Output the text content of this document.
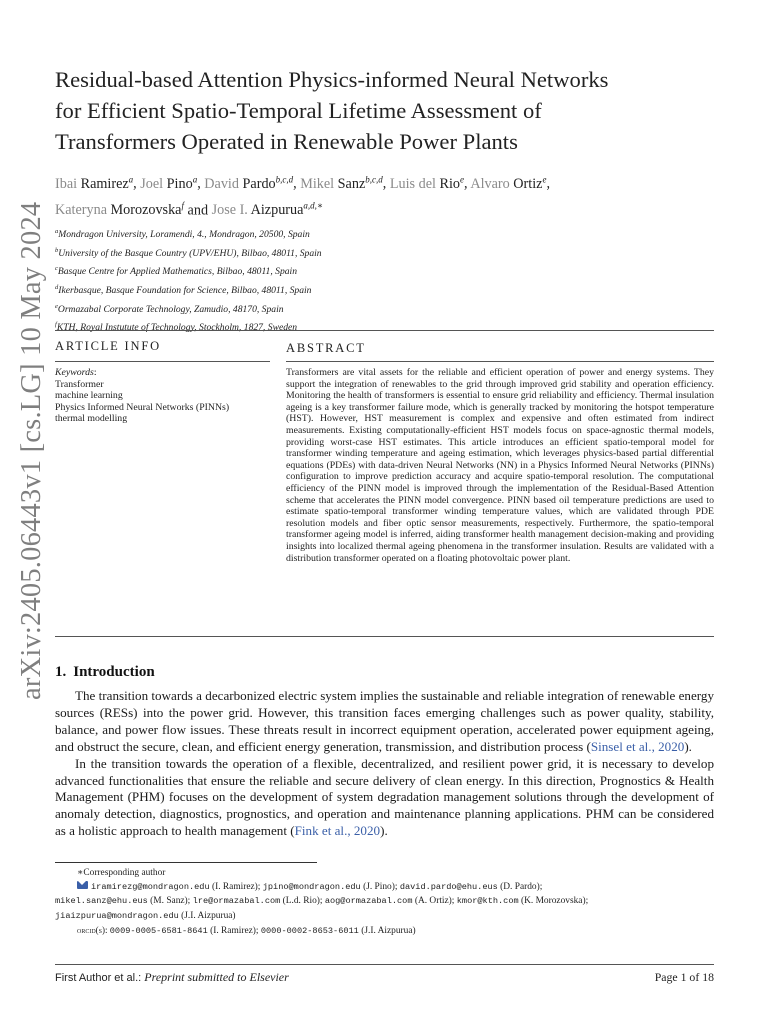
arXiv:2405.06443v1 [cs.LG] 10 May 2024
Residual-based Attention Physics-informed Neural Networks
for Efficient Spatio-Temporal Lifetime Assessment of
Transformers Operated in Renewable Power Plants
Ibai Ramirez$^a$, Joel Pino$^a$, David Pardo$^{b,c,d}$, Mikel Sanz$^{b,c,d}$, Luis del Rio$^e$, Alvaro Ortiz$^e$,
Kateryna Morozovska$^f$ and Jose I. Aizpurua$^{a,d,∗}$
$^a$Mondragon University, Loramendi, 4., Mondragon, 20500, Spain
$^b$University of the Basque Country (UPV/EHU), Bilbao, 48011, Spain
$^c$Basque Centre for Applied Mathematics, Bilbao, 48011, Spain
$^d$Ikerbasque, Basque Foundation for Science, Bilbao, 48011, Spain
$^e$Ormazabal Corporate Technology, Zamudio, 48170, Spain
$^f$KTH, Royal Instutute of Technology, Stockholm, 1827, Sweden
ARTICLE INFO	ABSTRACT
Keywords:
Transformer
machine learning
Physics Informed Neural Networks (PINNs)
thermal modelling
Transformers are vital assets for the reliable and efficient operation of power and energy systems. They support the integration of renewables to the grid through improved grid stability and operation efficiency. Monitoring the health of transformers is essential to ensure grid reliability and efficiency. Thermal insulation ageing is a key transformer failure mode, which is generally tracked by monitoring the hotspot temperature (HST). However, HST measurement is complex and expensive and often estimated from indirect measurements. Existing computationally-efficient HST models focus on space-agnostic thermal models, providing worst-case HST estimates. This article introduces an efficient spatio-temporal model for transformer winding temperature and ageing estimation, which leverages physics-based partial differential equations (PDEs) with data-driven Neural Networks (NN) in a Physics Informed Neural Networks (PINNs) configuration to improve prediction accuracy and acquire spatio-temporal resolution. The computational efficiency of the PINN model is improved through the implementation of the Residual-Based Attention scheme that accelerates the PINN model convergence. PINN based oil temperature predictions are used to estimate spatio-temporal transformer winding temperature values, which are validated through PDE resolution models and fiber optic sensor measurements, respectively. Furthermore, the spatio-temporal transformer ageing model is inferred, aiding transformer health management decision-making and providing insights into localized thermal ageing phenomena in the transformer insulation. Results are validated with a distribution transformer operated on a floating photovoltaic power plant.
1. Introduction

The transition towards a decarbonized electric system implies the sustainable and reliable integration of renewable energy sources (RESs) into the power grid. However, this transition faces emerging challenges such as power quality, stability, balance, and power flow issues. These threats result in incorrect equipment operation, accelerated power equipment ageing, and obstruct the secure, clean, and efficient energy generation, transmission, and distribution process (Sinsel et al., 2020).

In the transition towards the operation of a flexible, decentralized, and resilient power grid, it is necessary to develop advanced functionalities that ensure the reliable and secure delivery of clean energy. In this direction, Prognostics & Health Management (PHM) focuses on the development of system degradation management solutions through the development of anomaly detection, diagnostics, prognostics, and operation and maintenance planning applications. PHM can be considered as a holistic approach to health management (Fink et al., 2020).

∗Corresponding author
iramirezg@mondragon.edu (I. Ramirez); jpino@mondragon.edu (J. Pino); david.pardo@ehu.eus (D. Pardo);
mikel.sanz@ehu.eus (M. Sanz); lre@ormazabal.com (L.d. Rio); aog@ormazabal.com (A. Ortiz); kmor@kth.com (K. Morozovska);
jiaizpurua@mondragon.edu (J.I. Aizpurua)
orcid(s): 0009-0005-6581-8641 (I. Ramirez); 0000-0002-8653-6011 (J.I. Aizpurua)
First Author et al.: Preprint submitted to Elsevier	Page 1 of 18
